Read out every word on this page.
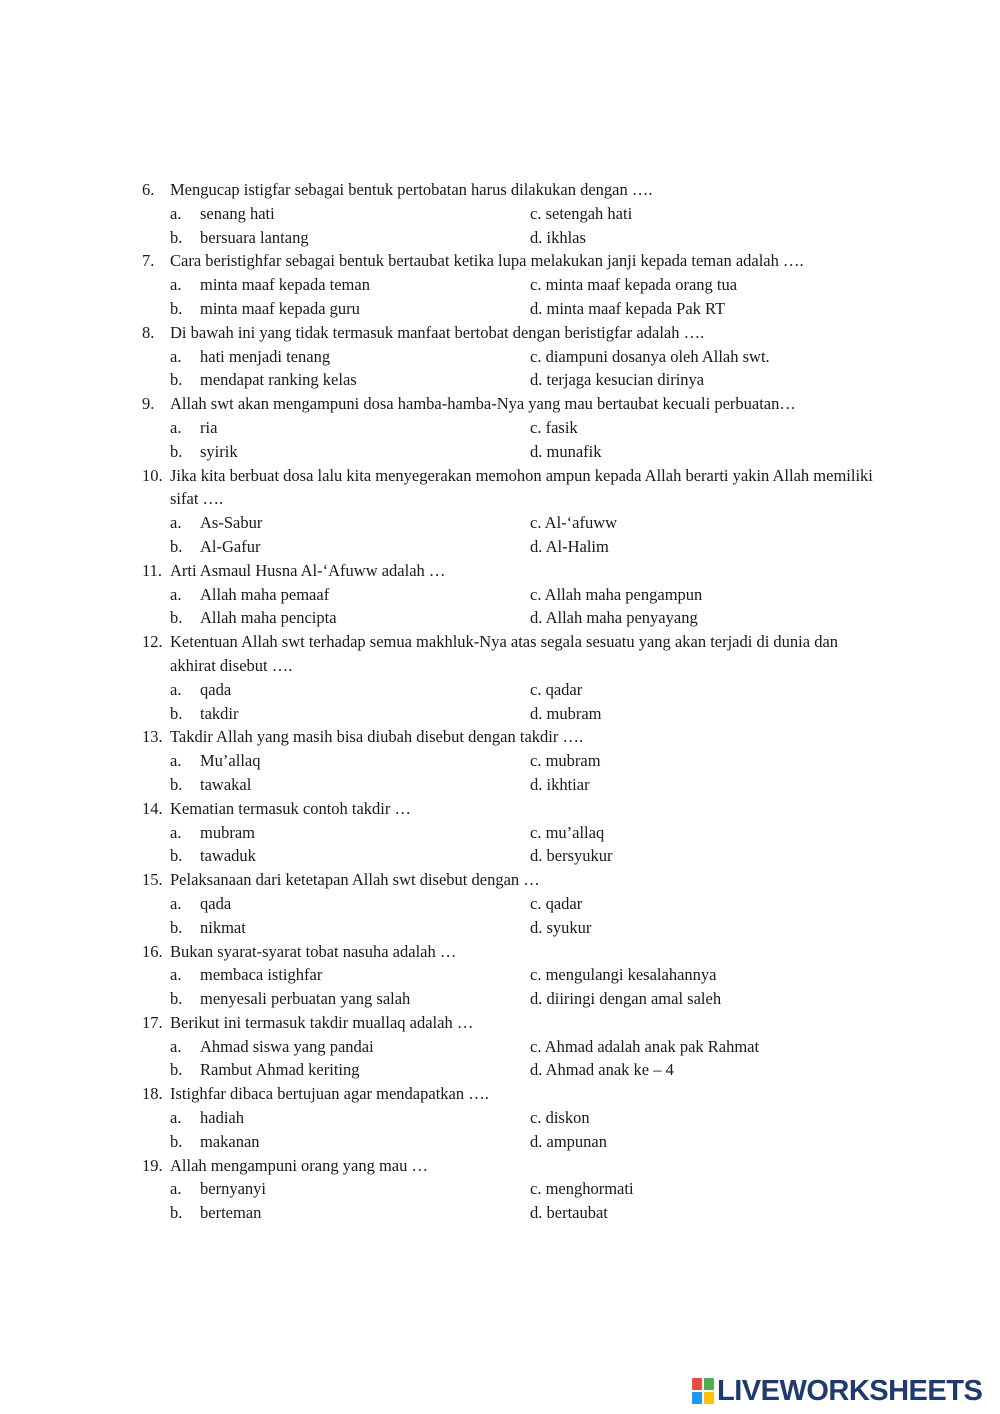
6. Mengucap istigfar sebagai bentuk pertobatan harus dilakukan dengan ….
a.	senang hati	c. setengah hati
b.	bersuara lantang	d. ikhlas
7. Cara beristighfar sebagai bentuk bertaubat ketika lupa melakukan janji kepada teman adalah ….
a.	minta maaf kepada teman	c. minta maaf kepada orang tua
b.	minta maaf kepada guru	d. minta maaf kepada Pak RT
8. Di bawah ini yang tidak termasuk manfaat bertobat dengan beristigfar adalah ….
a.	hati menjadi tenang	c. diampuni dosanya oleh Allah swt.
b.	mendapat ranking kelas	d. terjaga kesucian dirinya
9. Allah swt akan mengampuni dosa hamba-hamba-Nya yang mau bertaubat kecuali perbuatan…
a.	ria	c. fasik
b.	syirik	d. munafik
10. Jika kita berbuat dosa lalu kita menyegerakan memohon ampun kepada Allah berarti yakin Allah memiliki sifat ….
a.	As-Sabur	c. Al-‘afuww
b.	Al-Gafur	d. Al-Halim
11. Arti Asmaul Husna Al-‘Afuww adalah …
a.	Allah maha pemaaf	c. Allah maha pengampun
b.	Allah maha pencipta	d. Allah maha penyayang
12. Ketentuan Allah swt terhadap semua makhluk-Nya atas segala sesuatu yang akan terjadi di dunia dan akhirat disebut ….
a.	qada	c. qadar
b.	takdir	d. mubram
13. Takdir Allah yang masih bisa diubah disebut dengan takdir ….
a.	Mu’allaq	c. mubram
b.	tawakal	d. ikhtiar
14. Kematian termasuk contoh takdir …
a.	mubram	c. mu’allaq
b.	tawaduk	d. bersyukur
15. Pelaksanaan dari ketetapan Allah swt disebut dengan …
a.	qada	c. qadar
b.	nikmat	d. syukur
16. Bukan syarat-syarat tobat nasuha adalah …
a.	membaca istighfar	c. mengulangi kesalahannya
b.	menyesali perbuatan yang salah	d. diiringi dengan amal saleh
17. Berikut ini termasuk takdir muallaq adalah …
a.	Ahmad siswa yang pandai	c. Ahmad adalah anak pak Rahmat
b.	Rambut Ahmad keriting	d. Ahmad anak ke – 4
18. Istighfar dibaca bertujuan agar mendapatkan ….
a.	hadiah	c. diskon
b.	makanan	d. ampunan
19. Allah mengampuni orang yang mau …
a.	bernyanyi	c. menghormati
b.	berteman	d. bertaubat
LIVEWORKSHEETS
